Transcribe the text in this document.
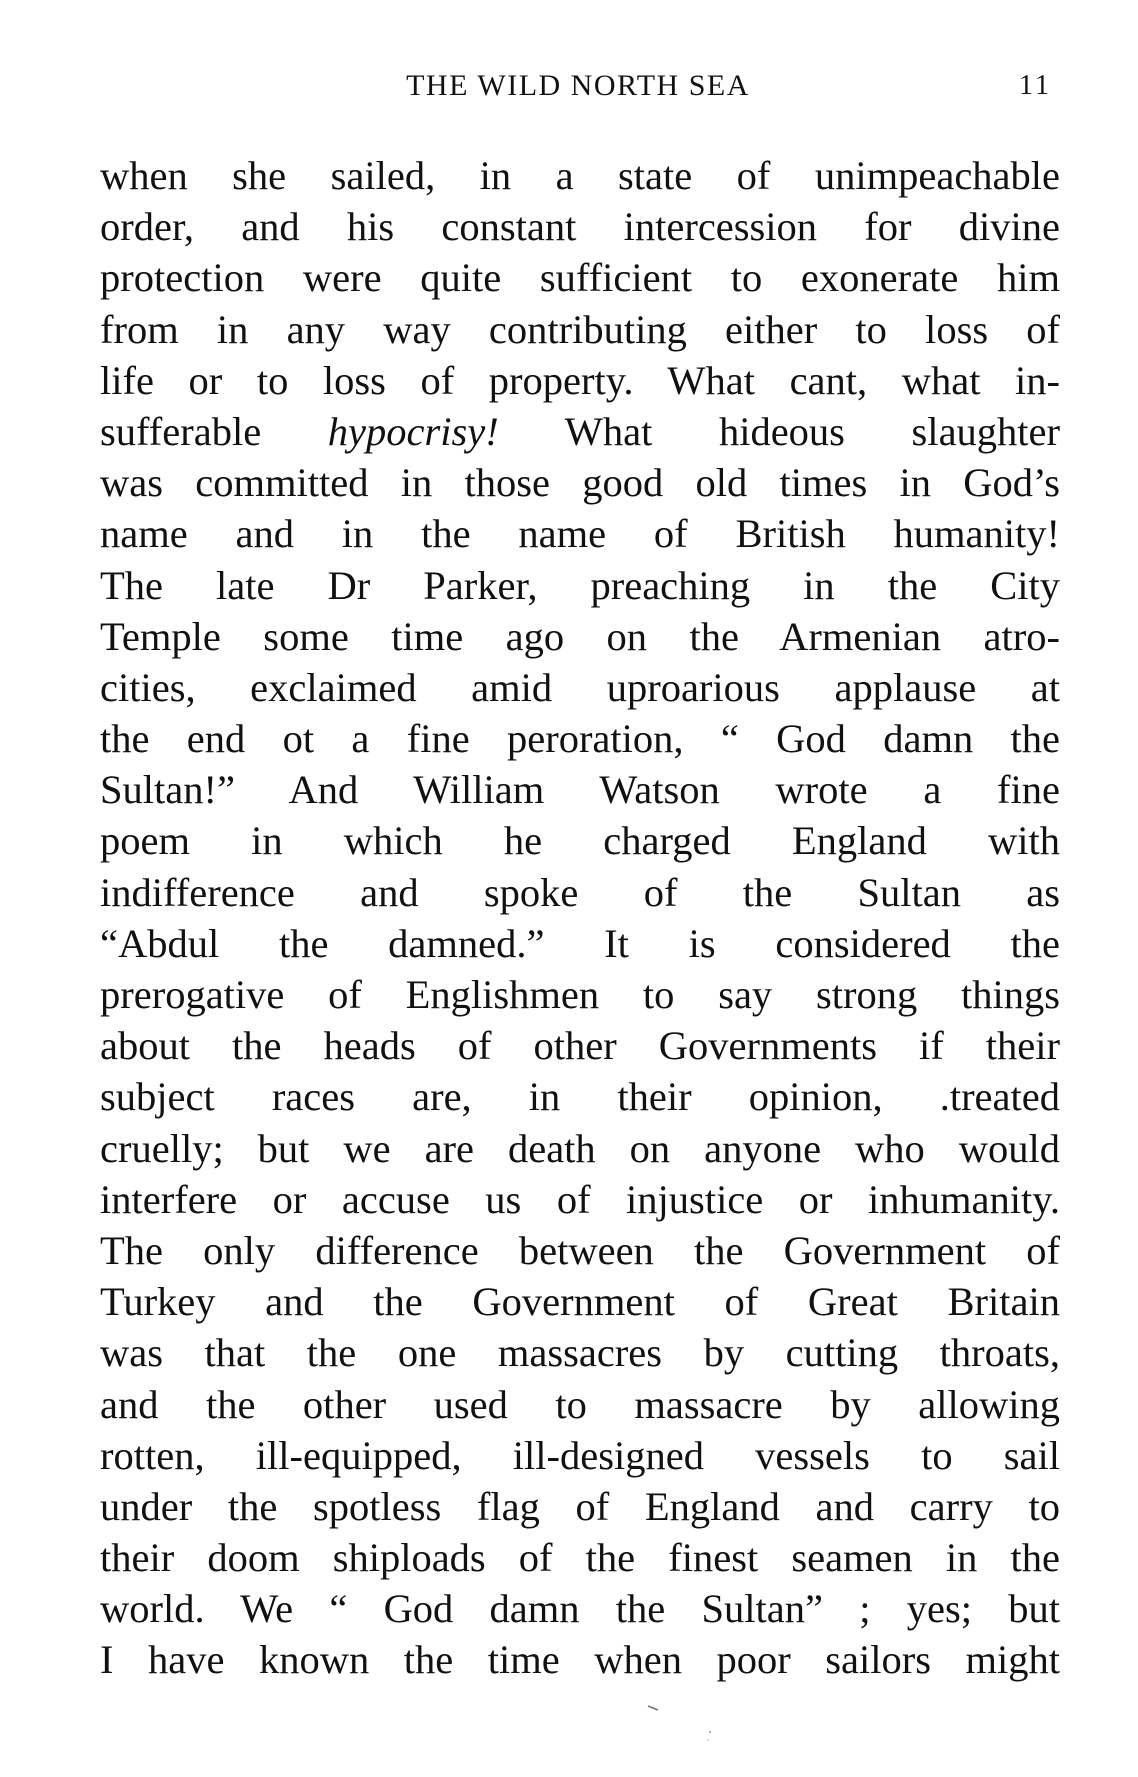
THE WILD NORTH SEA	11
when she sailed, in a state of unimpeachable
order, and his constant intercession for divine
protection were quite sufficient to exonerate him
from in any way contributing either to loss of
life or to loss of property. What cant, what in-
sufferable hypocrisy! What hideous slaughter
was committed in those good old times in God’s
name and in the name of British humanity!
The late Dr Parker, preaching in the City
Temple some time ago on the Armenian atro-
cities, exclaimed amid uproarious applause at
the end ot a fine peroration, “ God damn the
Sultan!” And William Watson wrote a fine
poem in which he charged England with
indifference and spoke of the Sultan as
“Abdul the damned.” It is considered the
prerogative of Englishmen to say strong things
about the heads of other Governments if their
subject races are, in their opinion, .treated
cruelly; but we are death on anyone who would
interfere or accuse us of injustice or inhumanity.
The only difference between the Government of
Turkey and the Government of Great Britain
was that the one massacres by cutting throats,
and the other used to massacre by allowing
rotten, ill-equipped, ill-designed vessels to sail
under the spotless flag of England and carry to
their doom shiploads of the finest seamen in the
world. We “ God damn the Sultan” ; yes; but
I have known the time when poor sailors might
